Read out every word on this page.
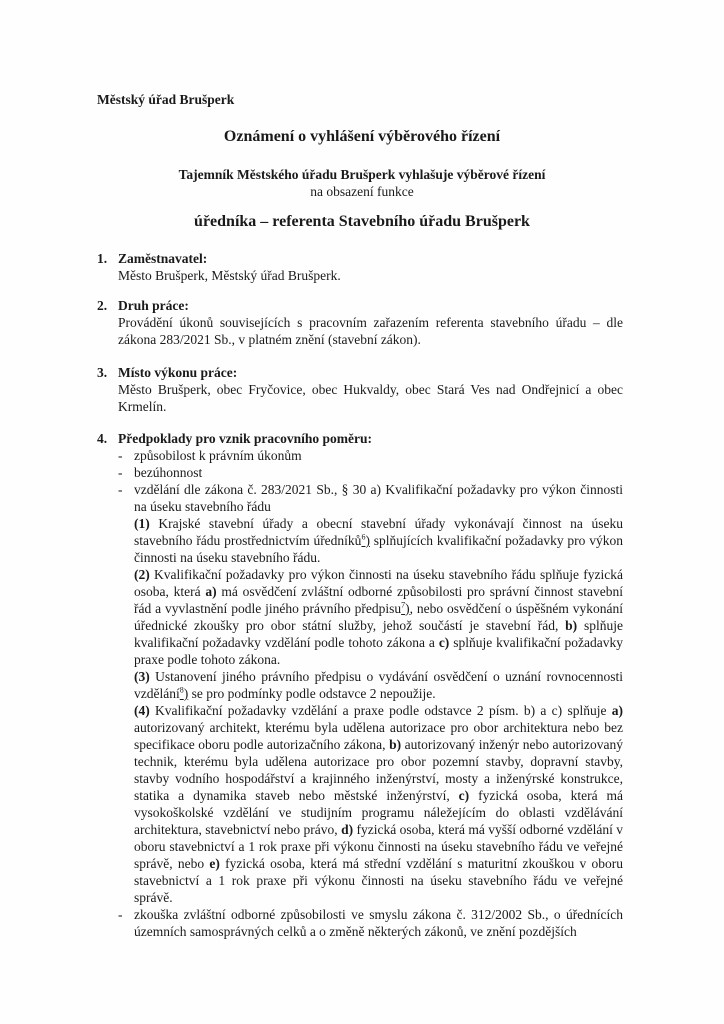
Městský úřad Brušperk
Oznámení o vyhlášení výběrového řízení
Tajemník Městského úřadu Brušperk vyhlašuje výběrové řízení
na obsazení funkce
úředníka – referenta Stavebního úřadu Brušperk
1. Zaměstnavatel:
Město Brušperk, Městský úřad Brušperk.
2. Druh práce:
Provádění úkonů souvisejících s pracovním zařazením referenta stavebního úřadu – dle zákona 283/2021 Sb., v platném znění (stavební zákon).
3. Místo výkonu práce:
Město Brušperk, obec Fryčovice, obec Hukvaldy, obec Stará Ves nad Ondřejnicí a obec Krmelín.
4. Předpoklady pro vznik pracovního poměru:
- způsobilost k právním úkonům
- bezúhonnost
- vzdělání dle zákona č. 283/2021 Sb., § 30 a) Kvalifikační požadavky pro výkon činnosti na úseku stavebního řádu
(1) Krajské stavební úřady a obecní stavební úřady vykonávají činnost na úseku stavebního řádu prostřednictvím úředníků$^6$) splňujících kvalifikační požadavky pro výkon činnosti na úseku stavebního řádu.
(2) Kvalifikační požadavky pro výkon činnosti na úseku stavebního řádu splňuje fyzická osoba, která a) má osvědčení zvláštní odborné způsobilosti pro správní činnost stavební řád a vyvlastnění podle jiného právního předpisu$^7$), nebo osvědčení o úspěšném vykonání úřednické zkoušky pro obor státní služby, jehož součástí je stavební řád, b) splňuje kvalifikační požadavky vzdělání podle tohoto zákona a c) splňuje kvalifikační požadavky praxe podle tohoto zákona.
(3) Ustanovení jiného právního předpisu o vydávání osvědčení o uznání rovnocennosti vzdělání$^8$) se pro podmínky podle odstavce 2 nepoužije.
(4) Kvalifikační požadavky vzdělání a praxe podle odstavce 2 písm. b) a c) splňuje a) autorizovaný architekt, kterému byla udělena autorizace pro obor architektura nebo bez specifikace oboru podle autorizačního zákona, b) autorizovaný inženýr nebo autorizovaný technik, kterému byla udělena autorizace pro obor pozemní stavby, dopravní stavby, stavby vodního hospodářství a krajinného inženýrství, mosty a inženýrské konstrukce, statika a dynamika staveb nebo městské inženýrství, c) fyzická osoba, která má vysokoškolské vzdělání ve studijním programu náležejícím do oblasti vzdělávání architektura, stavebnictví nebo právo, d) fyzická osoba, která má vyšší odborné vzdělání v oboru stavebnictví a 1 rok praxe při výkonu činnosti na úseku stavebního řádu ve veřejné správě, nebo e) fyzická osoba, která má střední vzdělání s maturitní zkouškou v oboru stavebnictví a 1 rok praxe při výkonu činnosti na úseku stavebního řádu ve veřejné správě.
- zkouška zvláštní odborné způsobilosti ve smyslu zákona č. 312/2002 Sb., o úřednících územních samosprávných celků a o změně některých zákonů, ve znění pozdějších
